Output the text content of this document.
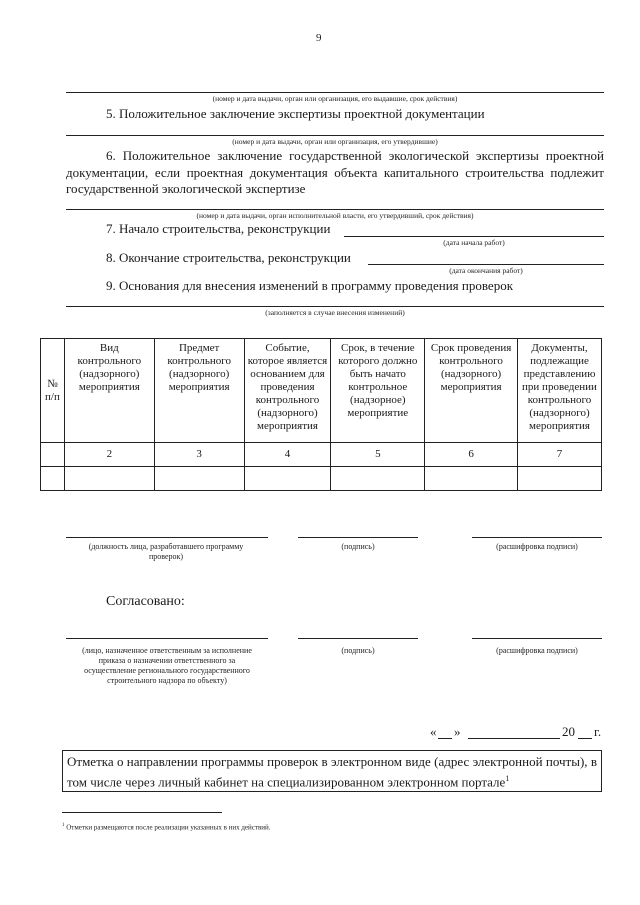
9
(номер и дата выдачи, орган или организация, его выдавшие, срок действия)
5. Положительное заключение экспертизы проектной документации
(номер и дата выдачи, орган или организация, его утвердившие)
6. Положительное заключение государственной экологической экспертизы проектной документации, если проектная документация объекта капитального строительства подлежит государственной экологической экспертизе
(номер и дата выдачи, орган исполнительной власти, его утвердивший, срок действия)
7. Начало строительства, реконструкции
(дата начала работ)
8. Окончание строительства, реконструкции
(дата окончания работ)
9. Основания для внесения изменений в программу проведения проверок
(заполняется в случае внесения изменений)
№ п/п	Вид контрольного (надзорного) мероприятия	Предмет контрольного (надзорного) мероприятия	Событие, которое является основанием для проведения контрольного (надзорного) мероприятия	Срок, в течение которого должно быть начато контрольное (надзорное) мероприятие	Срок проведения контрольного (надзорного) мероприятия	Документы, подлежащие представлению при проведении контрольного (надзорного) мероприятия
	2	3	4	5	6	7

(должность лица, разработавшего программу проверок)
(подпись)	(расшифровка подписи)
Согласовано:
(лицо, назначенное ответственным за исполнение приказа о назначении ответственного за осуществление регионального государственного строительного надзора по объекту)
(подпись)	(расшифровка подписи)
« »	20 г.
Отметка о направлении программы проверок в электронном виде (адрес электронной почты), в том числе через личный кабинет на специализированном электронном портале$^1$
$^1$ Отметки размещаются после реализации указанных в них действий.
